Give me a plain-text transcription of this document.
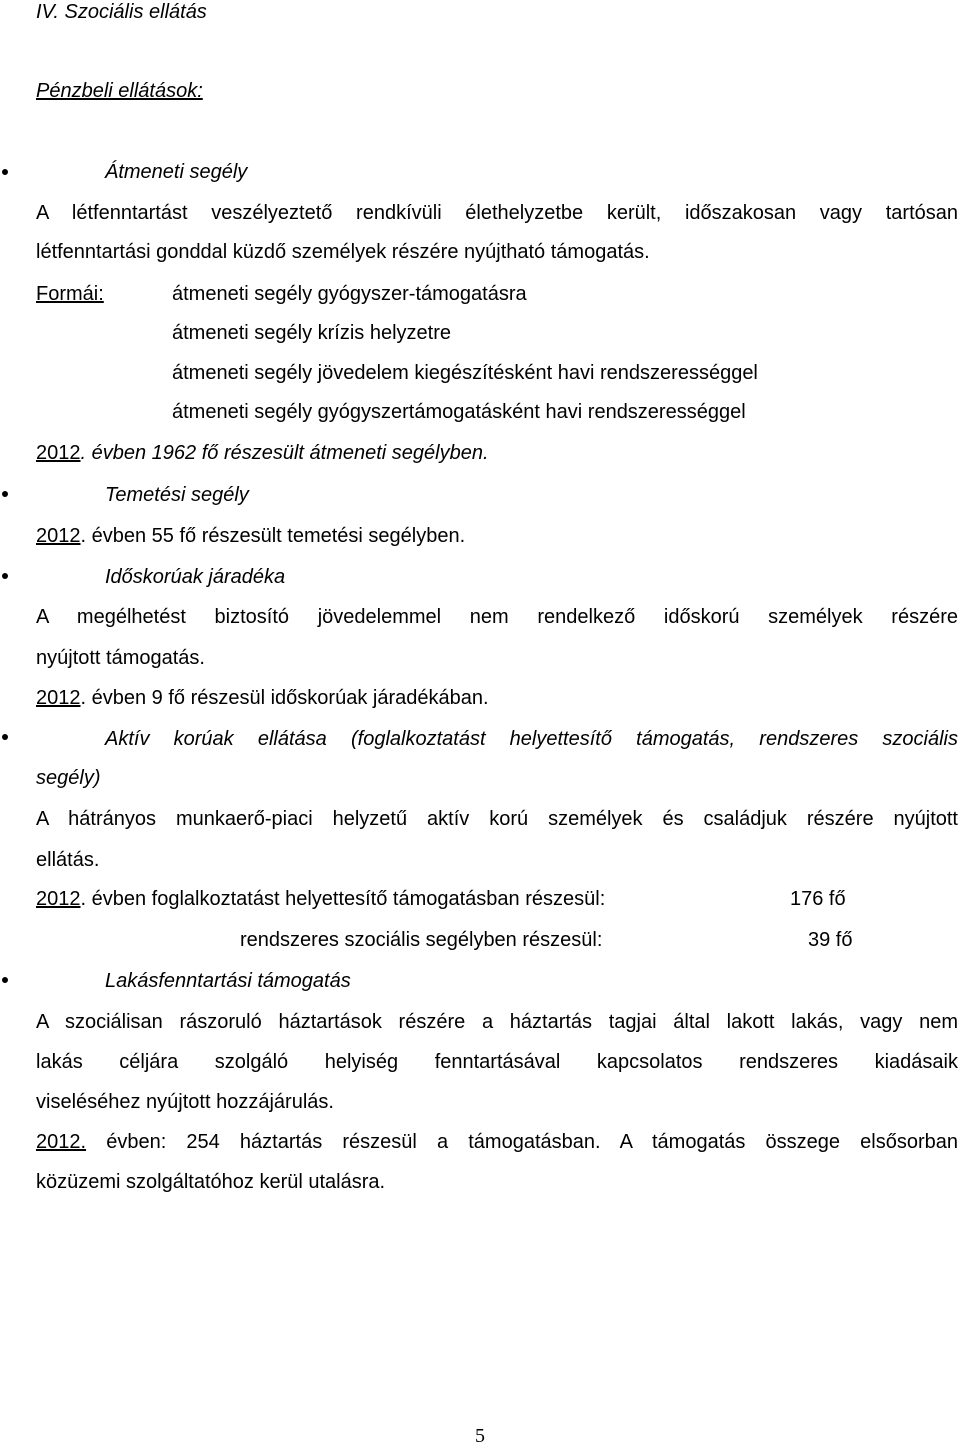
IV. Szociális ellátás
Pénzbeli ellátások:
Átmeneti segély
A létfenntartást veszélyeztető rendkívüli élethelyzetbe került, időszakosan vagy tartósan
létfenntartási gonddal küzdő személyek részére nyújtható támogatás.
Formái:	átmeneti segély gyógyszer-támogatásra
átmeneti segély krízis helyzetre
átmeneti segély jövedelem kiegészítésként havi rendszerességgel
átmeneti segély gyógyszertámogatásként havi rendszerességgel
2012. évben 1962 fő részesült átmeneti segélyben.
Temetési segély
2012. évben 55 fő részesült temetési segélyben.
Időskorúak járadéka
A megélhetést biztosító jövedelemmel nem rendelkező időskorú személyek részére
nyújtott támogatás.
2012. évben 9 fő részesül időskorúak járadékában.
Aktív korúak ellátása (foglalkoztatást helyettesítő támogatás, rendszeres szociális
segély)
A hátrányos munkaerő-piaci helyzetű aktív korú személyek és családjuk részére nyújtott
ellátás.
2012. évben foglalkoztatást helyettesítő támogatásban részesül:	176 fő
rendszeres szociális segélyben részesül:	39 fő
Lakásfenntartási támogatás
A szociálisan rászoruló háztartások részére a háztartás tagjai által lakott lakás, vagy nem
lakás céljára szolgáló helyiség fenntartásával kapcsolatos rendszeres kiadásaik
viseléséhez nyújtott hozzájárulás.
2012. évben: 254 háztartás részesül a támogatásban. A támogatás összege elsősorban
közüzemi szolgáltatóhoz kerül utalásra.
5
